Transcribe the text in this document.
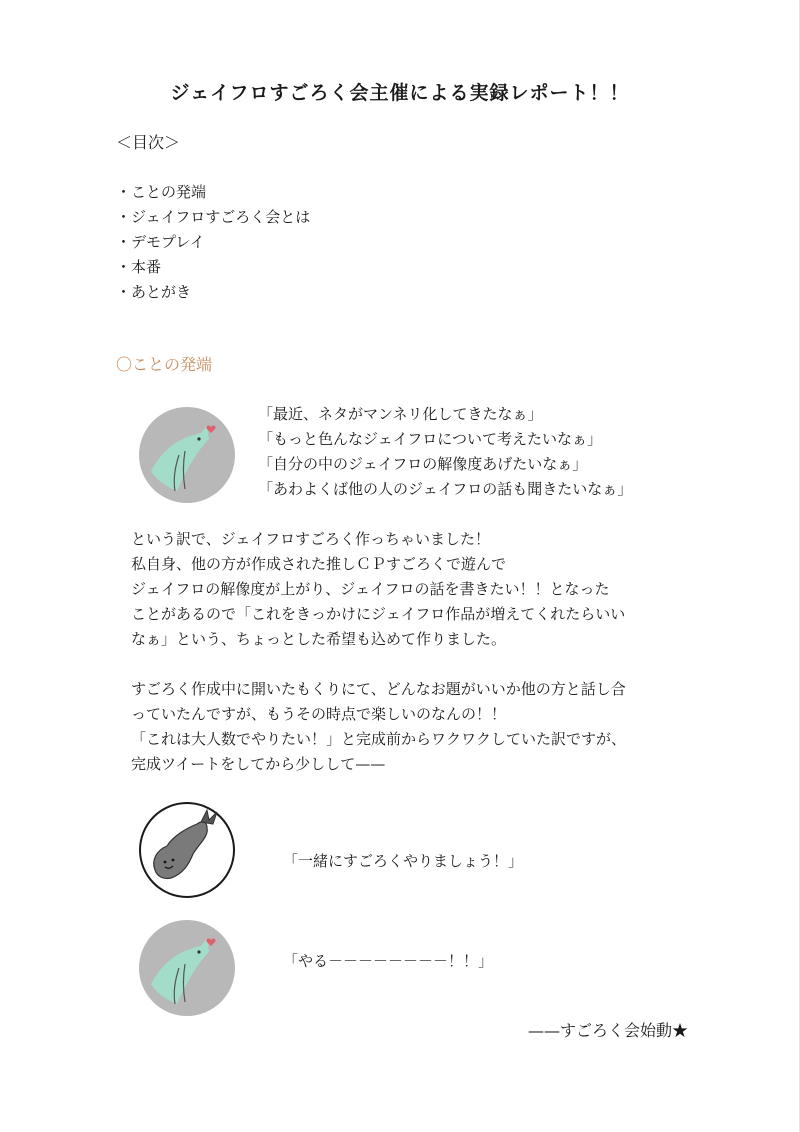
ジェイフロすごろく会主催による実録レポート！！
＜目次＞
・ことの発端
・ジェイフロすごろく会とは
・デモプレイ
・本番
・あとがき
〇ことの発端
「最近、ネタがマンネリ化してきたなぁ」
「もっと色んなジェイフロについて考えたいなぁ」
「自分の中のジェイフロの解像度あげたいなぁ」
「あわよくば他の人のジェイフロの話も聞きたいなぁ」
という訳で、ジェイフロすごろく作っちゃいました！
私自身、他の方が作成された推しＣＰすごろくで遊んで
ジェイフロの解像度が上がり、ジェイフロの話を書きたい！！となった
ことがあるので「これをきっかけにジェイフロ作品が増えてくれたらいい
なぁ」という、ちょっとした希望も込めて作りました。
すごろく作成中に開いたもくりにて、どんなお題がいいか他の方と話し合
っていたんですが、もうその時点で楽しいのなんの！！
「これは大人数でやりたい！」と完成前からワクワクしていた訳ですが、
完成ツイートをしてから少しして——
「一緒にすごろくやりましょう！」
「やる－－－－－－－－！！」
——すごろく会始動★
